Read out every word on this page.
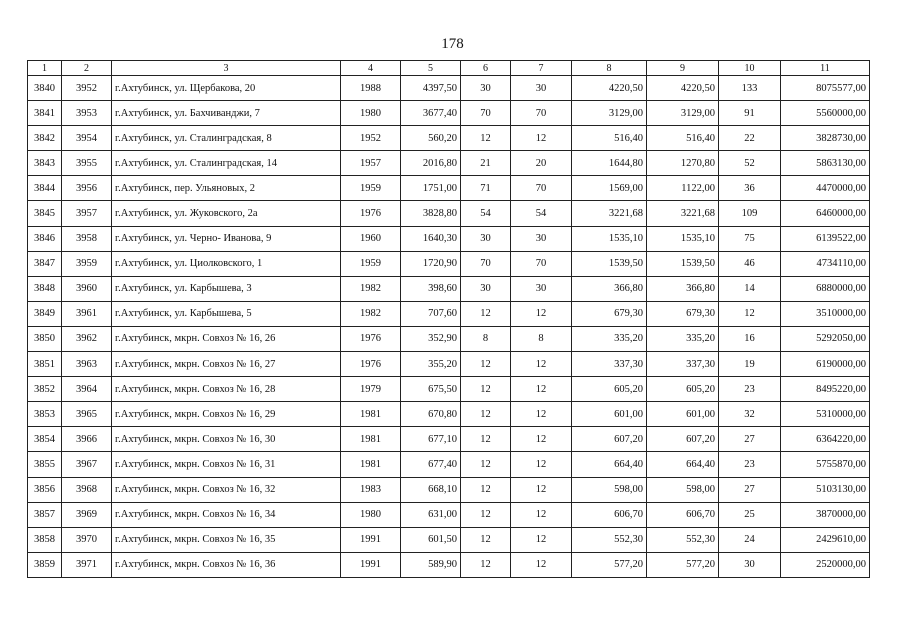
178
1	2	3	4	5	6	7	8	9	10	11
3840	3952	г.Ахтубинск, ул. Щербакова, 20	1988	4397,50	30	30	4220,50	4220,50	133	8075577,00
3841	3953	г.Ахтубинск, ул. Бахчиванджи, 7	1980	3677,40	70	70	3129,00	3129,00	91	5560000,00
3842	3954	г.Ахтубинск, ул. Сталинградская, 8	1952	560,20	12	12	516,40	516,40	22	3828730,00
3843	3955	г.Ахтубинск, ул. Сталинградская, 14	1957	2016,80	21	20	1644,80	1270,80	52	5863130,00
3844	3956	г.Ахтубинск, пер. Ульяновых, 2	1959	1751,00	71	70	1569,00	1122,00	36	4470000,00
3845	3957	г.Ахтубинск, ул. Жуковского, 2а	1976	3828,80	54	54	3221,68	3221,68	109	6460000,00
3846	3958	г.Ахтубинск, ул. Черно- Иванова, 9	1960	1640,30	30	30	1535,10	1535,10	75	6139522,00
3847	3959	г.Ахтубинск, ул. Циолковского, 1	1959	1720,90	70	70	1539,50	1539,50	46	4734110,00
3848	3960	г.Ахтубинск, ул. Карбышева, 3	1982	398,60	30	30	366,80	366,80	14	6880000,00
3849	3961	г.Ахтубинск, ул. Карбышева, 5	1982	707,60	12	12	679,30	679,30	12	3510000,00
3850	3962	г.Ахтубинск, мкрн. Совхоз № 16, 26	1976	352,90	8	8	335,20	335,20	16	5292050,00
3851	3963	г.Ахтубинск, мкрн. Совхоз № 16, 27	1976	355,20	12	12	337,30	337,30	19	6190000,00
3852	3964	г.Ахтубинск, мкрн. Совхоз № 16, 28	1979	675,50	12	12	605,20	605,20	23	8495220,00
3853	3965	г.Ахтубинск, мкрн. Совхоз № 16, 29	1981	670,80	12	12	601,00	601,00	32	5310000,00
3854	3966	г.Ахтубинск, мкрн. Совхоз № 16, 30	1981	677,10	12	12	607,20	607,20	27	6364220,00
3855	3967	г.Ахтубинск, мкрн. Совхоз № 16, 31	1981	677,40	12	12	664,40	664,40	23	5755870,00
3856	3968	г.Ахтубинск, мкрн. Совхоз № 16, 32	1983	668,10	12	12	598,00	598,00	27	5103130,00
3857	3969	г.Ахтубинск, мкрн. Совхоз № 16, 34	1980	631,00	12	12	606,70	606,70	25	3870000,00
3858	3970	г.Ахтубинск, мкрн. Совхоз № 16, 35	1991	601,50	12	12	552,30	552,30	24	2429610,00
3859	3971	г.Ахтубинск, мкрн. Совхоз № 16, 36	1991	589,90	12	12	577,20	577,20	30	2520000,00
